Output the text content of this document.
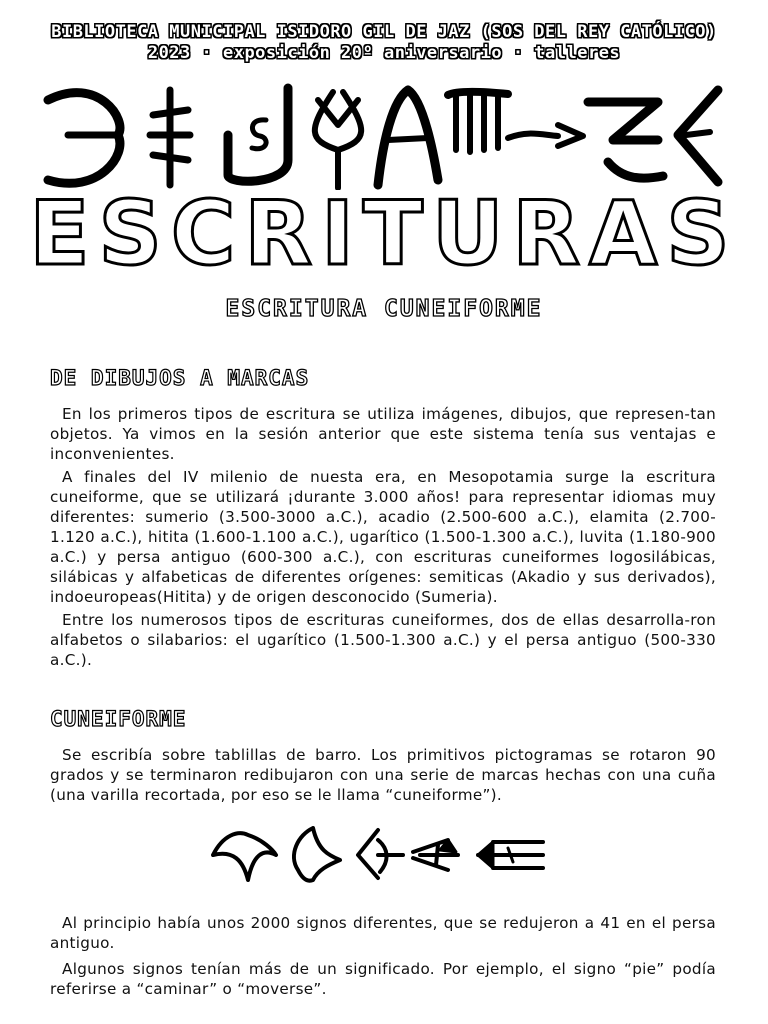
BIBLIOTECA MUNICIPAL ISIDORO GIL DE JAZ (SOS DEL REY CATÓLICO)
2023 · exposición 20º aniversario · talleres
ESCRITURAS
ESCRITURA CUNEIFORME
DE DIBUJOS A MARCAS

En los primeros tipos de escritura se utiliza imágenes, dibujos, que represen-tan objetos. Ya vimos en la sesión anterior que este sistema tenía sus ventajas e inconvenientes.

A finales del IV milenio de nuesta era, en Mesopotamia surge la escritura cuneiforme, que se utilizará ¡durante 3.000 años! para representar idiomas muy diferentes: sumerio (3.500-3000 a.C.), acadio (2.500-600 a.C.), elamita (2.700-1.120 a.C.), hitita (1.600-1.100 a.C.), ugarítico (1.500-1.300 a.C.), luvita (1.180-900 a.C.) y persa antiguo (600-300 a.C.), con escrituras cuneiformes logosilábicas, silábicas y alfabeticas de diferentes orígenes: semiticas (Akadio y sus derivados), indoeuropeas(Hitita) y de origen desconocido (Sumeria).

Entre los numerosos tipos de escrituras cuneiformes, dos de ellas desarrolla-ron alfabetos o silabarios: el ugarítico (1.500-1.300 a.C.) y el persa antiguo (500-330 a.C.).

CUNEIFORME

Se escribía sobre tablillas de barro. Los primitivos pictogramas se rotaron 90 grados y se terminaron redibujaron con una serie de marcas hechas con una cuña (una varilla recortada, por eso se le llama “cuneiforme”).

Al principio había unos 2000 signos diferentes, que se redujeron a 41 en el persa antiguo.

Algunos signos tenían más de un significado. Por ejemplo, el signo “pie” podía referirse a “caminar” o “moverse”.
